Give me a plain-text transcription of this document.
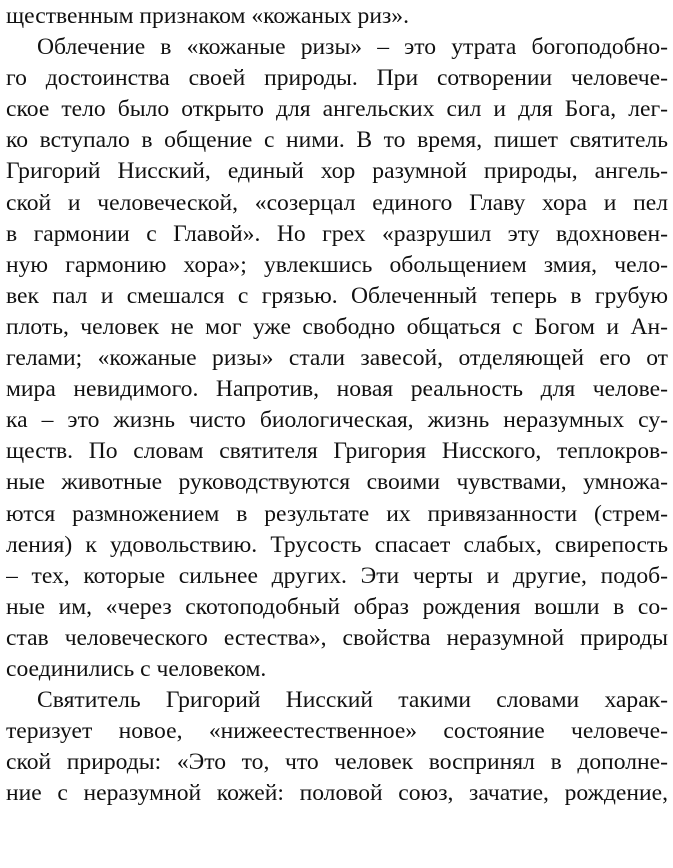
щественным признаком «кожаных риз».
Облечение в «кожаные ризы» – это утрата богоподобно-
го достоинства своей природы. При сотворении человече-
ское тело было открыто для ангельских сил и для Бога, лег-
ко вступало в общение с ними. В то время, пишет святитель
Григорий Нисский, единый хор разумной природы, ангель-
ской и человеческой, «созерцал единого Главу хора и пел
в гармонии с Главой». Но грех «разрушил эту вдохновен-
ную гармонию хора»; увлекшись обольщением змия, чело-
век пал и смешался с грязью. Облеченный теперь в грубую
плоть, человек не мог уже свободно общаться с Богом и Ан-
гелами; «кожаные ризы» стали завесой, отделяющей его от
мира невидимого. Напротив, новая реальность для челове-
ка – это жизнь чисто биологическая, жизнь неразумных су-
ществ. По словам святителя Григория Нисского, теплокров-
ные животные руководствуются своими чувствами, умножа-
ются размножением в результате их привязанности (стрем-
ления) к удовольствию. Трусость спасает слабых, свирепость
– тех, которые сильнее других. Эти черты и другие, подоб-
ные им, «через скотоподобный образ рождения вошли в со-
став человеческого естества», свойства неразумной природы
соединились с человеком.
Святитель Григорий Нисский такими словами харак-
теризует новое, «нижеестественное» состояние человече-
ской природы: «Это то, что человек воспринял в дополне-
ние с неразумной кожей: половой союз, зачатие, рождение,
